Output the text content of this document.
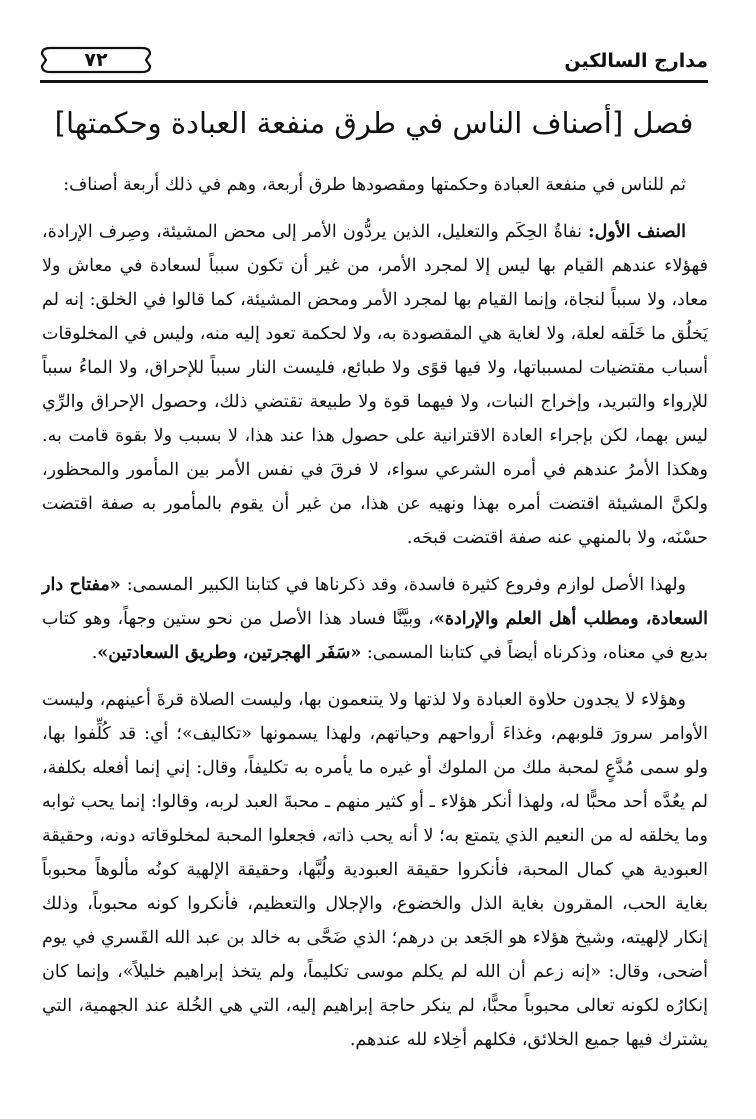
مدارج السالكين
٧٢
فصل [أصناف الناس في طرق منفعة العبادة وحكمتها]

ثم للناس في منفعة العبادة وحكمتها ومقصودها طرق أربعة، وهم في ذلك أربعة أصناف:

الصنف الأول: نفاةُ الحِكَم والتعليل، الذين يردُّون الأمر إلى محض المشيئة، وصِرف الإرادة، فهؤلاء عندهم القيام بها ليس إلا لمجرد الأمر، من غير أن تكون سبباً لسعادة في معاش ولا معاد، ولا سبباً لنجاة، وإنما القيام بها لمجرد الأمر ومحض المشيئة، كما قالوا في الخلق: إنه لم يَخلُق ما خَلَقه لعلة، ولا لغاية هي المقصودة به، ولا لحكمة تعود إليه منه، وليس في المخلوقات أسباب مقتضيات لمسبباتها، ولا فيها قوًى ولا طبائع، فليست النار سبباً للإحراق، ولا الماءُ سبباً للإرواء والتبريد، وإخراج النبات، ولا فيهما قوة ولا طبيعة تقتضي ذلك، وحصول الإحراق والرِّي ليس بهما، لكن بإجراء العادة الاقترانية على حصول هذا عند هذا، لا بسبب ولا بقوة قامت به. وهكذا الأمرُ عندهم في أمره الشرعي سواء، لا فرقَ في نفس الأمر بين المأمور والمحظور، ولكنَّ المشيئة اقتضت أمره بهذا ونهيه عن هذا، من غير أن يقوم بالمأمور به صفة اقتضت حسْنَه، ولا بالمنهي عنه صفة اقتضت قبحَه.

ولهذا الأصل لوازم وفروع كثيرة فاسدة، وقد ذكرناها في كتابنا الكبير المسمى: «مفتاح دار السعادة، ومطلب أهل العلم والإرادة»، وبيَّنَّا فساد هذا الأصل من نحو ستين وجهاً، وهو كتاب بديع في معناه، وذكرناه أيضاً في كتابنا المسمى: «سَفَر الهجرتين، وطريق السعادتين».

وهؤلاء لا يجدون حلاوة العبادة ولا لذتها ولا يتنعمون بها، وليست الصلاة قرةَ أعينهم، وليست الأوامر سرورَ قلوبهم، وغذاءَ أرواحهم وحياتهم، ولهذا يسمونها «تكاليف»؛ أي: قد كُلِّفوا بها، ولو سمى مُدَّعٍ لمحبة ملك من الملوك أو غيره ما يأمره به تكليفاً، وقال: إني إنما أفعله بكلفة، لم يعُدَّه أحد محبًّا له، ولهذا أنكر هؤلاء ـ أو كثير منهم ـ محبةَ العبد لربه، وقالوا: إنما يحب ثوابه وما يخلقه له من النعيم الذي يتمتع به؛ لا أنه يحب ذاته، فجعلوا المحبة لمخلوقاته دونه، وحقيقة العبودية هي كمال المحبة، فأنكروا حقيقة العبودية ولُبَّها، وحقيقة الإلهية كونُه مألوهاً محبوباً بغاية الحب، المقرون بغاية الذل والخضوع، والإجلال والتعظيم، فأنكروا كونه محبوباً، وذلك إنكار لإلهيته، وشيخ هؤلاء هو الجَعد بن درهم؛ الذي ضَحَّى به خالد بن عبد الله القَسري في يوم أضحى، وقال: «إنه زعم أن الله لم يكلم موسى تكليماً، ولم يتخذ إبراهيم خليلاً»، وإنما كان إنكارُه لكونه تعالى محبوباً محبًّا، لم ينكر حاجة إبراهيم إليه، التي هي الخُلة عند الجهمية، التي يشترك فيها جميع الخلائق، فكلهم أخِلاء لله عندهم.
